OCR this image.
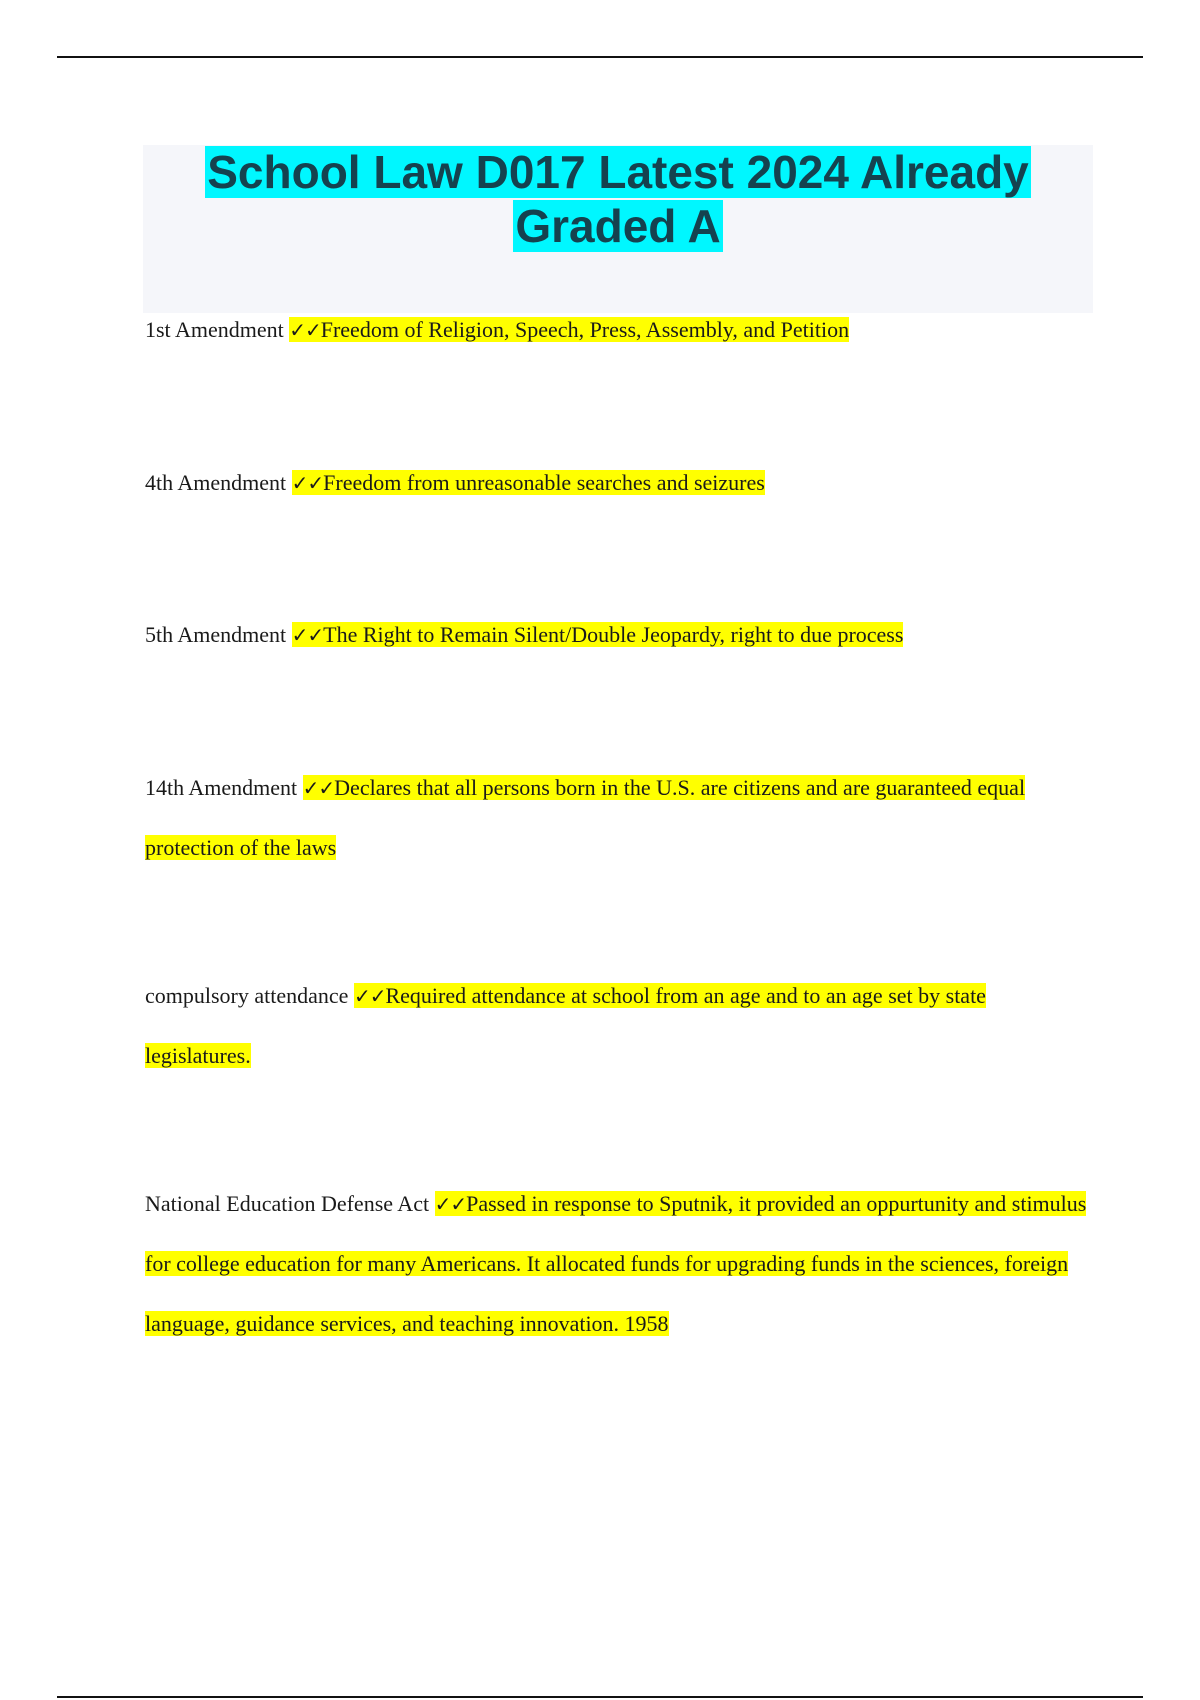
School Law D017 Latest 2024 Already Graded A
1st Amendment ✓✓Freedom of Religion, Speech, Press, Assembly, and Petition
4th Amendment ✓✓Freedom from unreasonable searches and seizures
5th Amendment ✓✓The Right to Remain Silent/Double Jeopardy, right to due process
14th Amendment ✓✓Declares that all persons born in the U.S. are citizens and are guaranteed equal protection of the laws
compulsory attendance ✓✓Required attendance at school from an age and to an age set by state legislatures.
National Education Defense Act ✓✓Passed in response to Sputnik, it provided an oppurtunity and stimulus for college education for many Americans. It allocated funds for upgrading funds in the sciences, foreign language, guidance services, and teaching innovation. 1958
